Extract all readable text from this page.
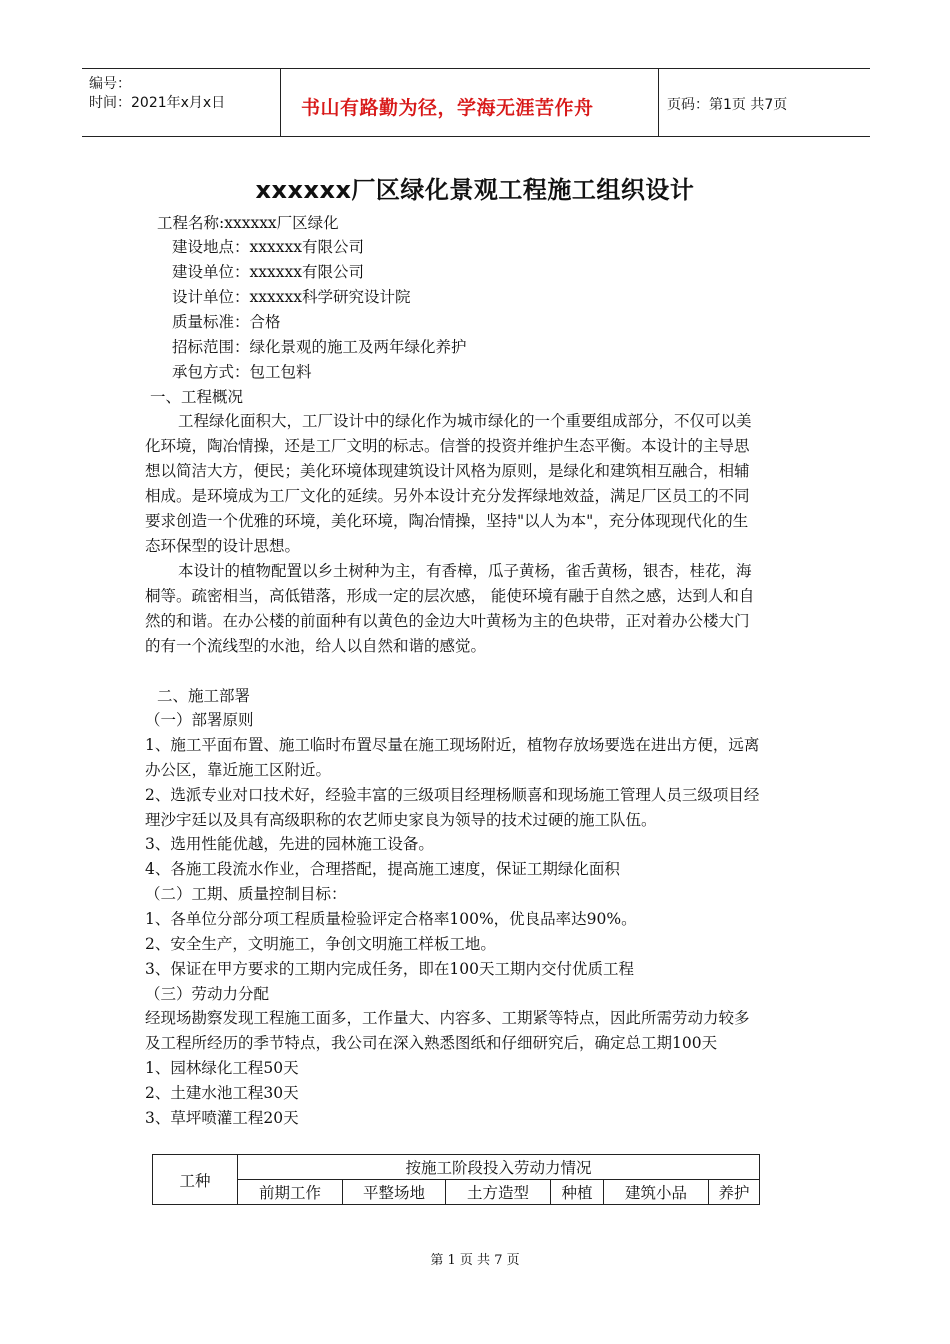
编号：
时间：2021年x月x日	书山有路勤为径，学海无涯苦作舟	页码：第1页 共7页
xxxxxx厂区绿化景观工程施工组织设计
工程名称:xxxxxx厂区绿化
建设地点：xxxxxx有限公司
建设单位：xxxxxx有限公司
设计单位：xxxxxx科学研究设计院
质量标准：合格
招标范围：绿化景观的施工及两年绿化养护
承包方式：包工包料
一、工程概况
工程绿化面积大，工厂设计中的绿化作为城市绿化的一个重要组成部分，不仅可以美
化环境，陶冶情操，还是工厂文明的标志。信誉的投资并维护生态平衡。本设计的主导思
想以简洁大方，便民；美化环境体现建筑设计风格为原则，是绿化和建筑相互融合，相辅
相成。是环境成为工厂文化的延续。另外本设计充分发挥绿地效益，满足厂区员工的不同
要求创造一个优雅的环境，美化环境，陶冶情操，坚持"以人为本"，充分体现现代化的生
态环保型的设计思想。
本设计的植物配置以乡土树种为主，有香樟，瓜子黄杨，雀舌黄杨，银杏，桂花，海
桐等。疏密相当，高低错落，形成一定的层次感， 能使环境有融于自然之感，达到人和自
然的和谐。在办公楼的前面种有以黄色的金边大叶黄杨为主的色块带，正对着办公楼大门
的有一个流线型的水池，给人以自然和谐的感觉。
二、施工部署
（一）部署原则
1、施工平面布置、施工临时布置尽量在施工现场附近，植物存放场要选在进出方便，远离
办公区，靠近施工区附近。
2、选派专业对口技术好，经验丰富的三级项目经理杨顺喜和现场施工管理人员三级项目经
理沙宇廷以及具有高级职称的农艺师史家良为领导的技术过硬的施工队伍。
3、选用性能优越，先进的园林施工设备。
4、各施工段流水作业，合理搭配，提高施工速度，保证工期绿化面积
（二）工期、质量控制目标：
1、各单位分部分项工程质量检验评定合格率100%，优良品率达90%。
2、安全生产，文明施工，争创文明施工样板工地。
3、保证在甲方要求的工期内完成任务，即在100天工期内交付优质工程
（三）劳动力分配
经现场勘察发现工程施工面多，工作量大、内容多、工期紧等特点，因此所需劳动力较多
及工程所经历的季节特点，我公司在深入熟悉图纸和仔细研究后，确定总工期100天
1、园林绿化工程50天
2、土建水池工程30天
3、草坪喷灌工程20天
工种	按施工阶段投入劳动力情况					
	前期工作	平整场地	土方造型	种植	建筑小品	养护
第 1 页 共 7 页
